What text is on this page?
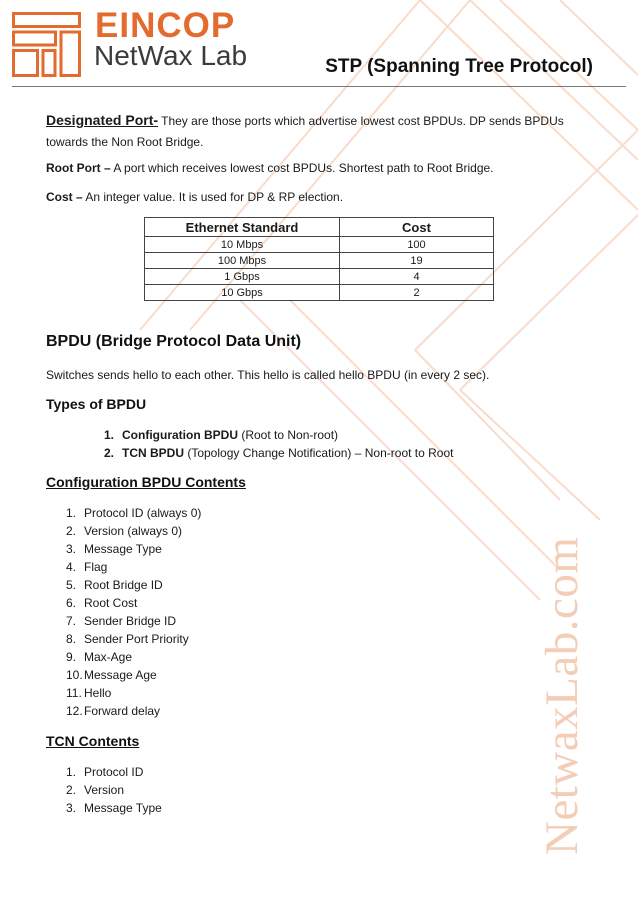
NetwaxLab.com
EINCOP
NetWax Lab	STP (Spanning Tree Protocol)
Designated Port- They are those ports which advertise lowest cost BPDUs. DP sends BPDUs towards the Non Root Bridge.
Root Port – A port which receives lowest cost BPDUs. Shortest path to Root Bridge.
Cost – An integer value. It is used for DP & RP election.
Ethernet Standard	Cost
10 Mbps	100
100 Mbps	19
1 Gbps	4
10 Gbps	2
BPDU (Bridge Protocol Data Unit)
Switches sends hello to each other. This hello is called hello BPDU (in every 2 sec).
Types of BPDU
1. Configuration BPDU (Root to Non-root)
2. TCN BPDU (Topology Change Notification) – Non-root to Root
Configuration BPDU Contents
1. Protocol ID (always 0)
2. Version (always 0)
3. Message Type
4. Flag
5. Root Bridge ID
6. Root Cost
7. Sender Bridge ID
8. Sender Port Priority
9. Max-Age
10.Message Age
11. Hello
12.Forward delay
TCN Contents
1. Protocol ID
2. Version
3. Message Type
